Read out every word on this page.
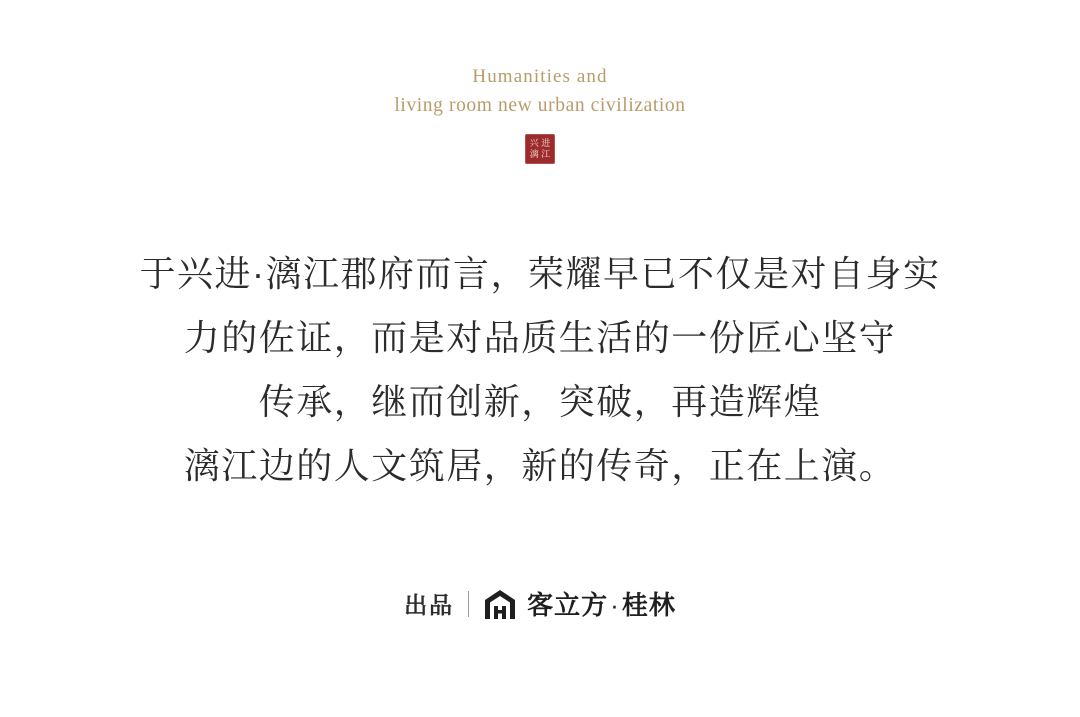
Humanities and
living room new urban civilization
兴 进
漓 江
于兴进·漓江郡府而言，荣耀早已不仅是对自身实
力的佐证，而是对品质生活的一份匠心坚守
传承，继而创新，突破，再造辉煌
漓江边的人文筑居，新的传奇，正在上演。
出品	客立方·桂林
